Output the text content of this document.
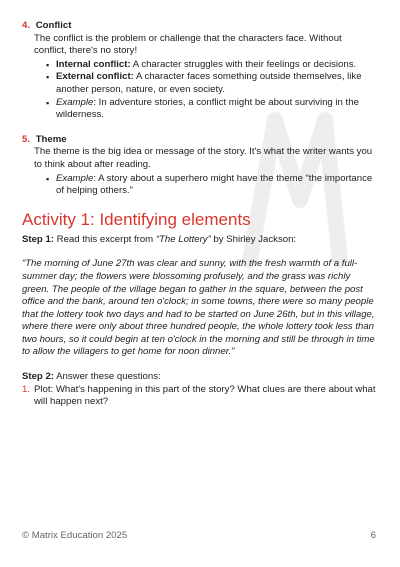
4. Conflict

The conflict is the problem or challenge that the characters face. Without
conflict, there's no story!

▪ Internal conflict: A character struggles with their feelings or decisions.
▪ External conflict: A character faces something outside themselves, like another person, nature, or even society.
▪ Example: In adventure stories, a conflict might be about surviving in the wilderness.

5. Theme

The theme is the big idea or message of the story. It's what the writer wants you to think about after reading.

▪ Example: A story about a superhero might have the theme “the importance of helping others.”
Activity 1: Identifying elements

Step 1: Read this excerpt from “The Lottery” by Shirley Jackson:

“The morning of June 27th was clear and sunny, with the fresh warmth of a full-summer day; the flowers were blossoming profusely, and the grass was richly green. The people of the village began to gather in the square, between the post office and the bank, around ten o'clock; in some towns, there were so many people that the lottery took two days and had to be started on June 26th, but in this village, where there were only about three hundred people, the whole lottery took less than two hours, so it could begin at ten o'clock in the morning and still be through in time to allow the villagers to get home for noon dinner.”

Step 2: Answer these questions:

1. Plot: What's happening in this part of the story? What clues are there about what will happen next?
© Matrix Education 2025	6
